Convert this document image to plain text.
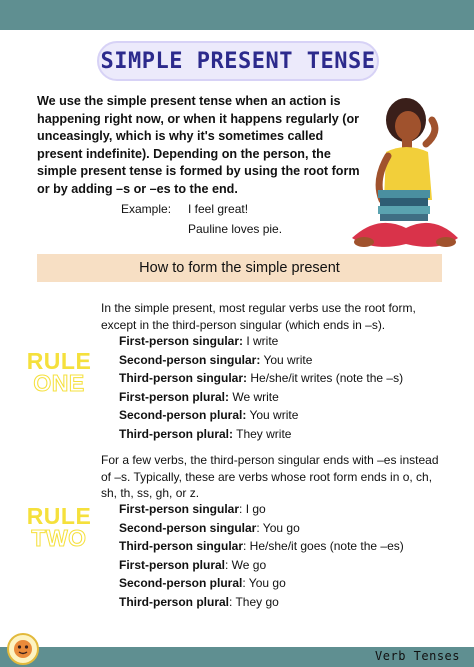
SIMPLE PRESENT TENSE
We use the simple present tense when an action is happening right now, or when it happens regularly (or unceasingly, which is why it's sometimes called present indefinite). Depending on the person, the simple present tense is formed by using the root form or by adding –s or –es to the end.
Example:	I feel great!
Pauline loves pie.
How to form the simple present
RULE
ONE
In the simple present, most regular verbs use the root form, except in the third-person singular (which ends in –s).
First-person singular: I write
Second-person singular: You write
Third-person singular: He/she/it writes (note the –s)
First-person plural: We write
Second-person plural: You write
Third-person plural: They write
RULE
TWO
For a few verbs, the third-person singular ends with –es instead of –s. Typically, these are verbs whose root form ends in o, ch, sh, th, ss, gh, or z.
First-person singular: I go
Second-person singular: You go
Third-person singular: He/she/it goes (note the –es)
First-person plural: We go
Second-person plural: You go
Third-person plural: They go
Verb Tenses
